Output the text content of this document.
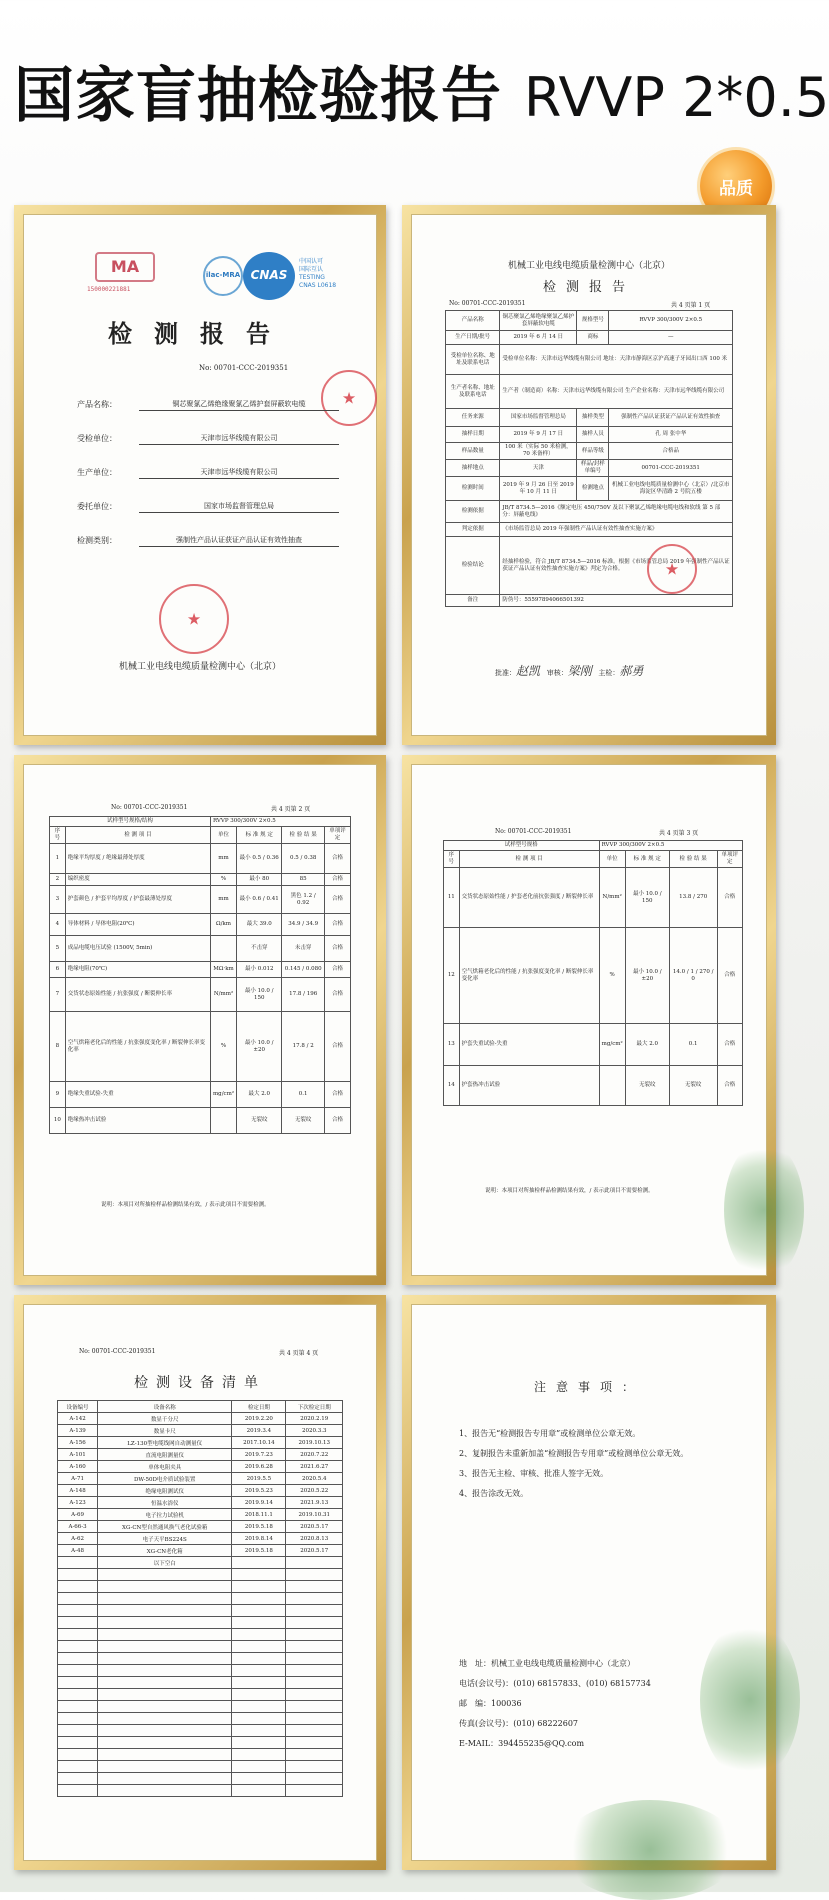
国家盲抽检验报告 RVVP 2*0.5
品质
MA
150000221881
ilac-MRA CNAS
中国认可
国际互认
TESTING
CNAS L0618
检测报告
No: 00701-CCC-2019351
★
产品名称：	铜芯聚氯乙烯绝缘聚氯乙烯护套屏蔽软电缆
受检单位：	天津市远华线缆有限公司
生产单位：	天津市远华线缆有限公司
委托单位：	国家市场监督管理总局
检测类别：	强制性产品认证获证产品认证有效性抽查
★
机械工业电线电缆质量检测中心（北京）
机械工业电线电缆质量检测中心（北京）
检测报告
No: 00701-CCC-2019351	共 4 页第 1 页
产品名称	铜芯聚氯乙烯绝缘聚氯乙烯护套屏蔽软电缆	规格型号	RVVP 300/300V 2×0.5
生产日期/批号	2019 年 6 月 14 日	商标	—
受检单位名称、地址及联系电话	受检单位名称：天津市远华线缆有限公司 地址：天津市静海区京沪高速子牙园出口西 100 米		
生产者名称、地址及联系电话	生产者（制造商）名称：天津市远华线缆有限公司 生产企业名称：天津市远华线缆有限公司		
任务来源	国家市场监督管理总局	抽样类型	强制性产品认证获证产品认证有效性抽查
抽样日期	2019 年 9 月 17 日	抽样人员	孔 周 张中华
样品数量	100 米（实际 50 米检测，70 米备样）	样品等级	合格品
抽样地点	天津	样品/封样单编号	00701-CCC-2019351
检测时间	2019 年 9 月 26 日至 2019 年 10 月 11 日	检测地点	机械工业电线电缆质量检测中心（北京）/北京市海淀区华清路 2 号院五楼
检测依据	JB/T 8734.5—2016《额定电压 450/750V 及以下聚氯乙烯绝缘电缆电线和软线 第 5 部分：屏蔽电线》		
判定依据	《市场监管总局 2019 年强制性产品认证有效性抽查实施方案》		
检验结论	经抽样检验，符合 JB/T 8734.5—2016 标准。根据《市场监管总局 2019 年强制性产品认证获证产品认证有效性抽查实施方案》判定为合格。		
备注	防伪号：55597894066501392		
★
批准：赵凯 审核：梁刚 主检：郝勇
No: 00701-CCC-2019351	共 4 页第 2 页
试样型号规格/结构		RVVP 300/300V 2×0.5			
序号	检 测 项 目	单位	标 准 规 定	检 验 结 果	单项评定
1	绝缘平均厚度 / 绝缘最薄处厚度	mm	最小 0.5 / 0.36	0.5 / 0.38	合格
2	编织密度	%	最小 80	85	合格
3	护套颜色 / 护套平均厚度 / 护套最薄处厚度	mm	最小 0.6 / 0.41	黑色 1.2 / 0.92	合格
4	导体材料 / 导体电阻(20℃)	Ω/km	最大 39.0	34.9 / 34.9	合格
5	成品电缆电压试验 (1500V, 5min)		不击穿	未击穿	合格
6	绝缘电阻(70℃)	MΩ·km	最小 0.012	0.145 / 0.080	合格
7	交货状态原始性能 / 抗张强度 / 断裂伸长率	N/mm²	最小 10.0 / 150	17.8 / 196	合格
8	空气烘箱老化后的性能 / 抗张强度变化率 / 断裂伸长率变化率	%	最小 10.0 / ±20	17.8 / 2	合格
9	绝缘失重试验-失重	mg/cm²	最大 2.0	0.1	合格
10	绝缘热冲击试验		无裂纹	无裂纹	合格
说明：本项目对所抽检样品检测结果有效，/ 表示此项目不需要检测。
No: 00701-CCC-2019351	共 4 页第 3 页
试样型号规格		RVVP 300/300V 2×0.5			
序号	检 测 项 目	单位	标 准 规 定	检 验 结 果	单项评定
11	交货状态原始性能 / 护套老化前抗张强度 / 断裂伸长率	N/mm²	最小 10.0 / 150	13.8 / 270	合格
12	空气烘箱老化后的性能 / 抗张强度变化率 / 断裂伸长率变化率	%	最小 10.0 / ±20	14.0 / 1 / 270 / 0	合格
13	护套失重试验-失重	mg/cm²	最大 2.0	0.1	合格
14	护套热冲击试验		无裂纹	无裂纹	合格
说明：本项目对所抽检样品检测结果有效，/ 表示此项目不需要检测。
No: 00701-CCC-2019351	共 4 页第 4 页
检测设备清单
设备编号	设备名称	检定日期	下次检定日期
A-142	数显千分尺	2019.2.20	2020.2.19
A-139	数显卡尺	2019.3.4	2020.3.3
A-156	LZ-130型电缆线网自动测量仪	2017.10.14	2019.10.13
A-101	直流电阻测量仪	2019.7.23	2020.7.22
A-160	单体电阻夹具	2019.6.28	2021.6.27
A-71	DW-50D电介质试验装置	2019.5.5	2020.5.4
A-148	绝缘电阻测试仪	2019.5.23	2020.5.22
A-123	恒温水浴仪	2019.9.14	2021.9.13
A-69	电子拉力试验机	2018.11.1	2019.10.31
A-66-3	XG-CN型自然通风换气老化试验箱	2019.5.18	2020.5.17
A-62	电子天平BS224S	2019.8.14	2020.8.13
A-48	XG-CN老化箱	2019.5.18	2020.5.17
	以下空白		

注意事项：
1、报告无“检测报告专用章”或检测单位公章无效。
2、复制报告未重新加盖“检测报告专用章”或检测单位公章无效。
3、报告无主检、审核、批准人签字无效。
4、报告涂改无效。
地　址：机械工业电线电缆质量检测中心（北京）
电话(会议号)：(010) 68157833、(010) 68157734
邮　编：100036
传真(会议号)：(010) 68222607
E-MAIL：394455235@QQ.com
